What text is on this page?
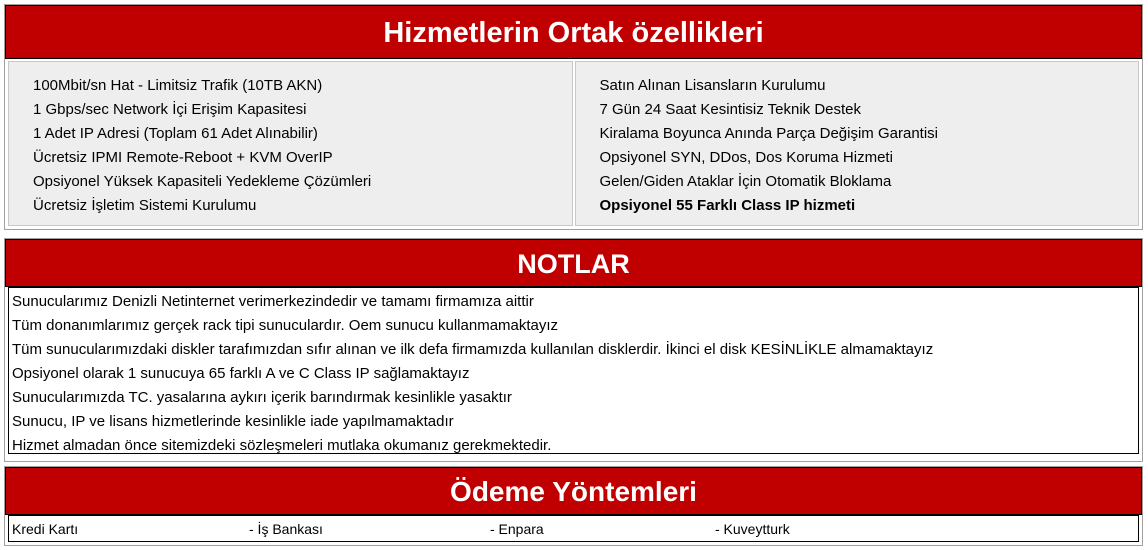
Hizmetlerin Ortak özellikleri
100Mbit/sn Hat - Limitsiz Trafik (10TB AKN)
1 Gbps/sec Network İçi Erişim Kapasitesi
1 Adet IP Adresi (Toplam 61 Adet Alınabilir)
Ücretsiz IPMI Remote-Reboot + KVM OverIP
Opsiyonel Yüksek Kapasiteli Yedekleme Çözümleri
Ücretsiz İşletim Sistemi Kurulumu
Satın Alınan Lisansların Kurulumu
7 Gün 24 Saat Kesintisiz Teknik Destek
Kiralama Boyunca Anında Parça Değişim Garantisi
Opsiyonel SYN, DDos, Dos Koruma Hizmeti
Gelen/Giden Ataklar İçin Otomatik Bloklama
Opsiyonel 55 Farklı Class IP hizmeti
NOTLAR
Sunucularımız Denizli Netinternet verimerkezindedir ve tamamı firmamıza aittir
Tüm donanımlarımız gerçek rack tipi sunuculardır. Oem sunucu kullanmamaktayız
Tüm sunucularımızdaki diskler tarafımızdan sıfır alınan ve ilk defa firmamızda kullanılan disklerdir. İkinci el disk KESİNLİKLE almamaktayız
Opsiyonel olarak 1 sunucuya 65 farklı A ve C Class IP sağlamaktayız
Sunucularımızda TC. yasalarına aykırı içerik barındırmak kesinlikle yasaktır
Sunucu, IP ve lisans hizmetlerinde kesinlikle iade yapılmamaktadır
Hizmet almadan önce sitemizdeki sözleşmeleri mutlaka okumanız gerekmektedir.
Ödeme Yöntemleri
Kredi Kartı	- İş Bankası	- Enpara	- Kuveytturk
